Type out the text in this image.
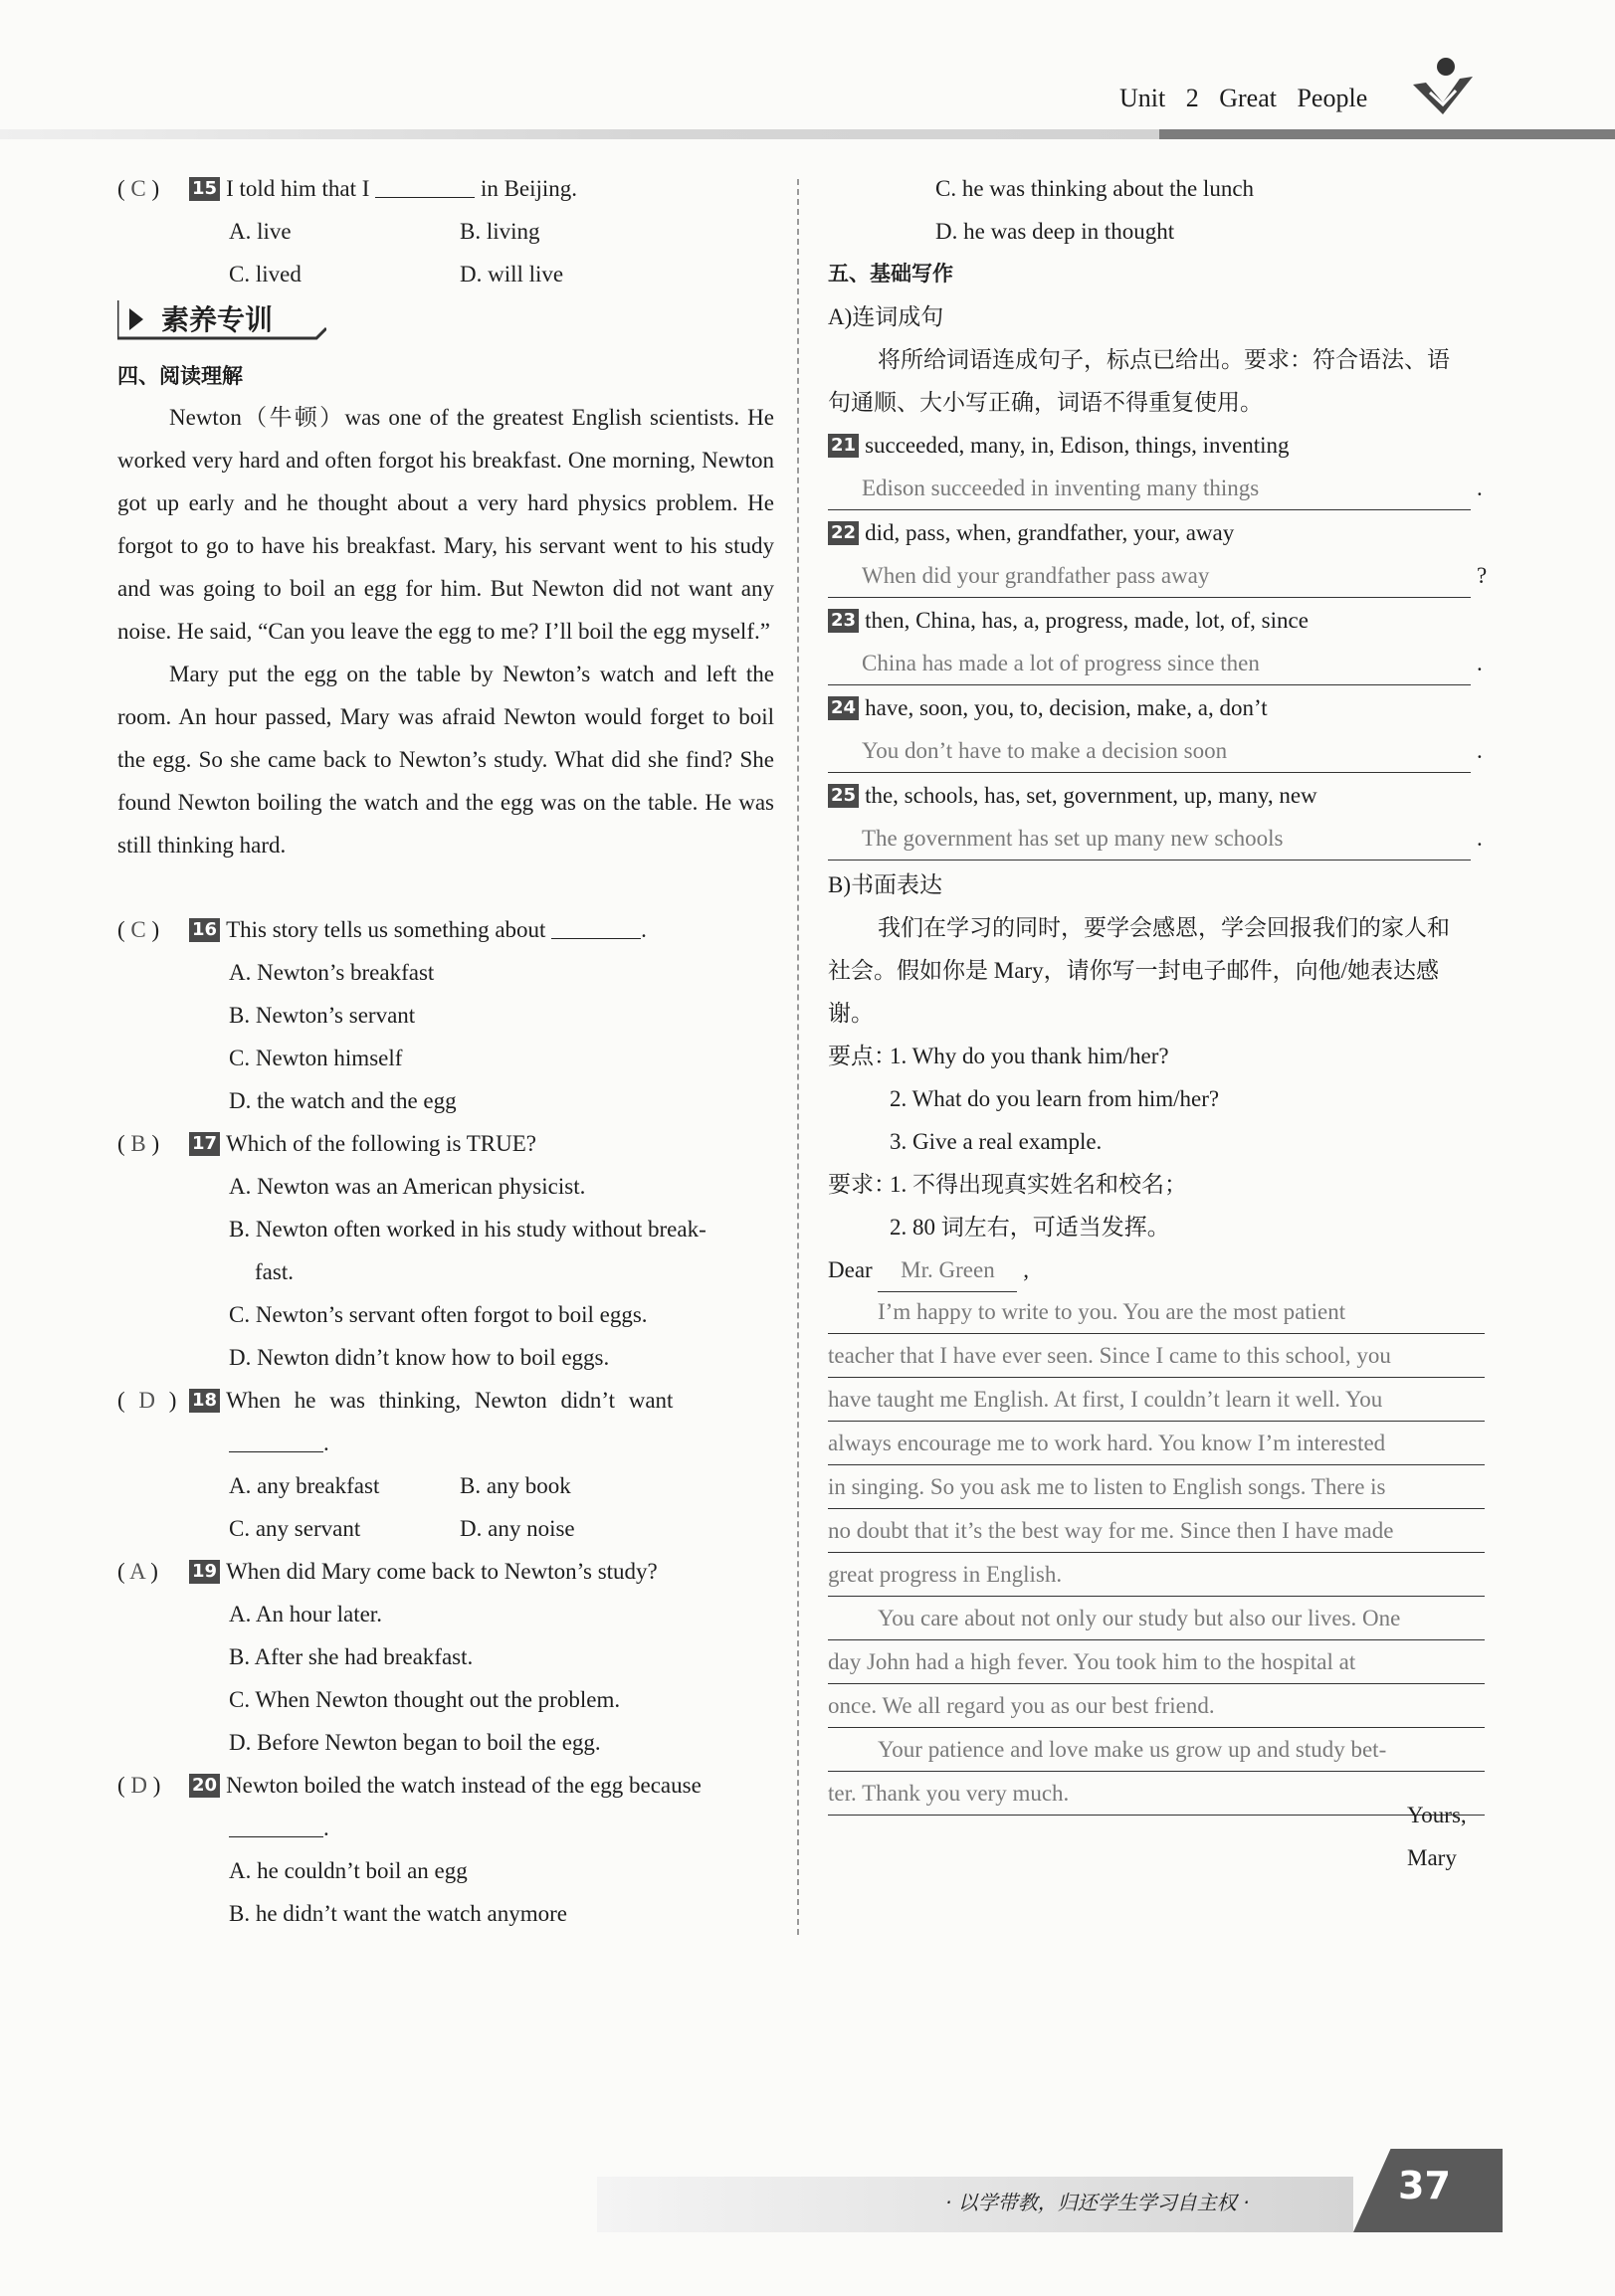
Unit 2 Great People
( C ) 15 I told him that I	in Beijing.
A. live	B. living
C. lived	D. will live
素养专训
四、阅读理解
Newton（牛顿）was one of the greatest English scientists. He worked very hard and often forgot his breakfast. One morning, Newton got up early and he thought about a very hard physics problem. He forgot to go to have his breakfast. Mary, his servant went to his study and was going to boil an egg for him. But Newton did not want any noise. He said, “Can you leave the egg to me? I’ll boil the egg myself.”
Mary put the egg on the table by Newton’s watch and left the room. An hour passed, Mary was afraid Newton would forget to boil the egg. So she came back to Newton’s study. What did she find? She found Newton boiling the watch and the egg was on the table. He was still thinking hard.
( C ) 16 This story tells us something about	.
A. Newton’s breakfast
B. Newton’s servant
C. Newton himself
D. the watch and the egg
( B ) 17 Which of the following is TRUE?
A. Newton was an American physicist.
B. Newton often worked in his study without break-
fast.
C. Newton’s servant often forgot to boil eggs.
D. Newton didn’t know how to boil eggs.
( D ) 18 When he was thinking, Newton didn’t want
.
A. any breakfast	B. any book
C. any servant	D. any noise
( A ) 19 When did Mary come back to Newton’s study?
A. An hour later.
B. After she had breakfast.
C. When Newton thought out the problem.
D. Before Newton began to boil the egg.
( D ) 20 Newton boiled the watch instead of the egg because
.
A. he couldn’t boil an egg
B. he didn’t want the watch anymore
C. he was thinking about the lunch
D. he was deep in thought
五、基础写作
A)连词成句
将所给词语连成句子，标点已给出。要求：符合语法、语
句通顺、大小写正确，词语不得重复使用。
21 succeeded, many, in, Edison, things, inventing
Edison succeeded in inventing many things	.
22 did, pass, when, grandfather, your, away
When did your grandfather pass away	?
23 then, China, has, a, progress, made, lot, of, since
China has made a lot of progress since then	.
24 have, soon, you, to, decision, make, a, don’t
You don’t have to make a decision soon	.
25 the, schools, has, set, government, up, many, new
The government has set up many new schools	.
B)书面表达
我们在学习的同时，要学会感恩，学会回报我们的家人和
社会。假如你是 Mary，请你写一封电子邮件，向他/她表达感
谢。
要点：
1. Why do you thank him/her?
2. What do you learn from him/her?
3. Give a real example.
要求：
1. 不得出现真实姓名和校名；
2. 80 词左右，可适当发挥。
Dear Mr. Green ,
I’m happy to write to you. You are the most patient
teacher that I have ever seen. Since I came to this school, you
have taught me English. At first, I couldn’t learn it well. You
always encourage me to work hard. You know I’m interested
in singing. So you ask me to listen to English songs. There is
no doubt that it’s the best way for me. Since then I have made
great progress in English.
You care about not only our study but also our lives. One
day John had a high fever. You took him to the hospital at
once. We all regard you as our best friend.
Your patience and love make us grow up and study bet-
ter. Thank you very much.
Yours,
Mary
· 以学带教，归还学生学习自主权 ·	37
